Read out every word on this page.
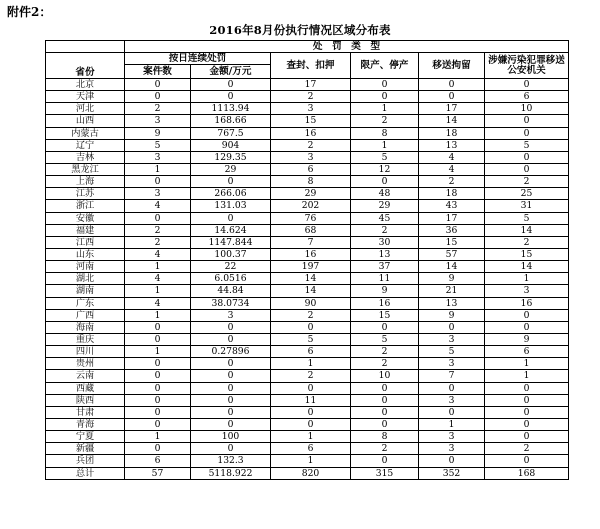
附件2：
2016年8月份执行情况区域分布表
	处　罚　类　型					
省份	按日连续处罚		查封、扣押	限产、停产	移送拘留	涉嫌污染犯罪移送公安机关
	案件数	金额/万元				
北京	0	0	17	0	0	0
天津	0	0	2	0	0	6
河北	2	1113.94	3	1	17	10
山西	3	168.66	15	2	14	0
内蒙古	9	767.5	16	8	18	0
辽宁	5	904	2	1	13	5
吉林	3	129.35	3	5	4	0
黑龙江	1	29	6	12	4	0
上海	0	0	8	0	2	2
江苏	3	266.06	29	48	18	25
浙江	4	131.03	202	29	43	31
安徽	0	0	76	45	17	5
福建	2	14.624	68	2	36	14
江西	2	1147.844	7	30	15	2
山东	4	100.37	16	13	57	15
河南	1	22	197	37	14	14
湖北	4	6.0516	14	11	9	1
湖南	1	44.84	14	9	21	3
广东	4	38.0734	90	16	13	16
广西	1	3	2	15	9	0
海南	0	0	0	0	0	0
重庆	0	0	5	5	3	9
四川	1	0.27896	6	2	5	6
贵州	0	0	1	2	3	1
云南	0	0	2	10	7	1
西藏	0	0	0	0	0	0
陕西	0	0	11	0	3	0
甘肃	0	0	0	0	0	0
青海	0	0	0	0	1	0
宁夏	1	100	1	8	3	0
新疆	0	0	6	2	3	2
兵团	6	132.3	1	0	0	0
总计	57	5118.922	820	315	352	168
